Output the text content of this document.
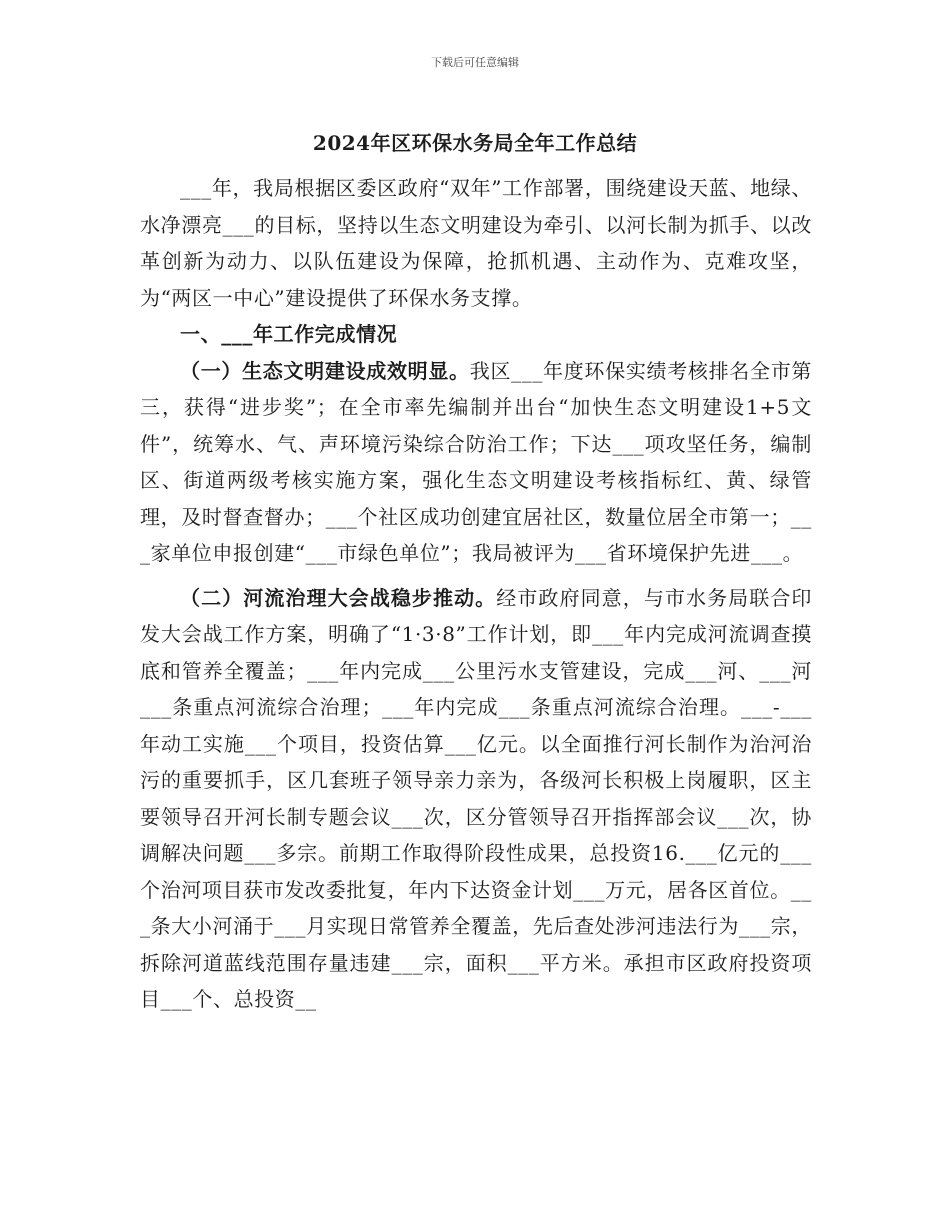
下载后可任意编辑
2024年区环保水务局全年工作总结

___年，我局根据区委区政府“双年”工作部署，围绕建设天蓝、地绿、水净漂亮___的目标，坚持以生态文明建设为牵引、以河长制为抓手、以改革创新为动力、以队伍建设为保障，抢抓机遇、主动作为、克难攻坚，为“两区一中心”建设提供了环保水务支撑。

一、___年工作完成情况

（一）生态文明建设成效明显。我区___年度环保实绩考核排名全市第三，获得“进步奖”；在全市率先编制并出台“加快生态文明建设1+5文件”，统筹水、气、声环境污染综合防治工作；下达___项攻坚任务，编制区、街道两级考核实施方案，强化生态文明建设考核指标红、黄、绿管理，及时督查督办；___个社区成功创建宜居社区，数量位居全市第一；___家单位申报创建“___市绿色单位”；我局被评为___省环境保护先进___。

（二）河流治理大会战稳步推动。经市政府同意，与市水务局联合印发大会战工作方案，明确了“1·3·8”工作计划，即___年内完成河流调查摸底和管养全覆盖；___年内完成___公里污水支管建设，完成___河、___河___条重点河流综合治理；___年内完成___条重点河流综合治理。___-___年动工实施___个项目，投资估算___亿元。以全面推行河长制作为治河治污的重要抓手，区几套班子领导亲力亲为，各级河长积极上岗履职，区主要领导召开河长制专题会议___次，区分管领导召开指挥部会议___次，协调解决问题___多宗。前期工作取得阶段性成果，总投资16.___亿元的___个治河项目获市发改委批复，年内下达资金计划___万元，居各区首位。___条大小河涌于___月实现日常管养全覆盖，先后查处涉河违法行为___宗，拆除河道蓝线范围存量违建___宗，面积___平方米。承担市区政府投资项目___个、总投资__
